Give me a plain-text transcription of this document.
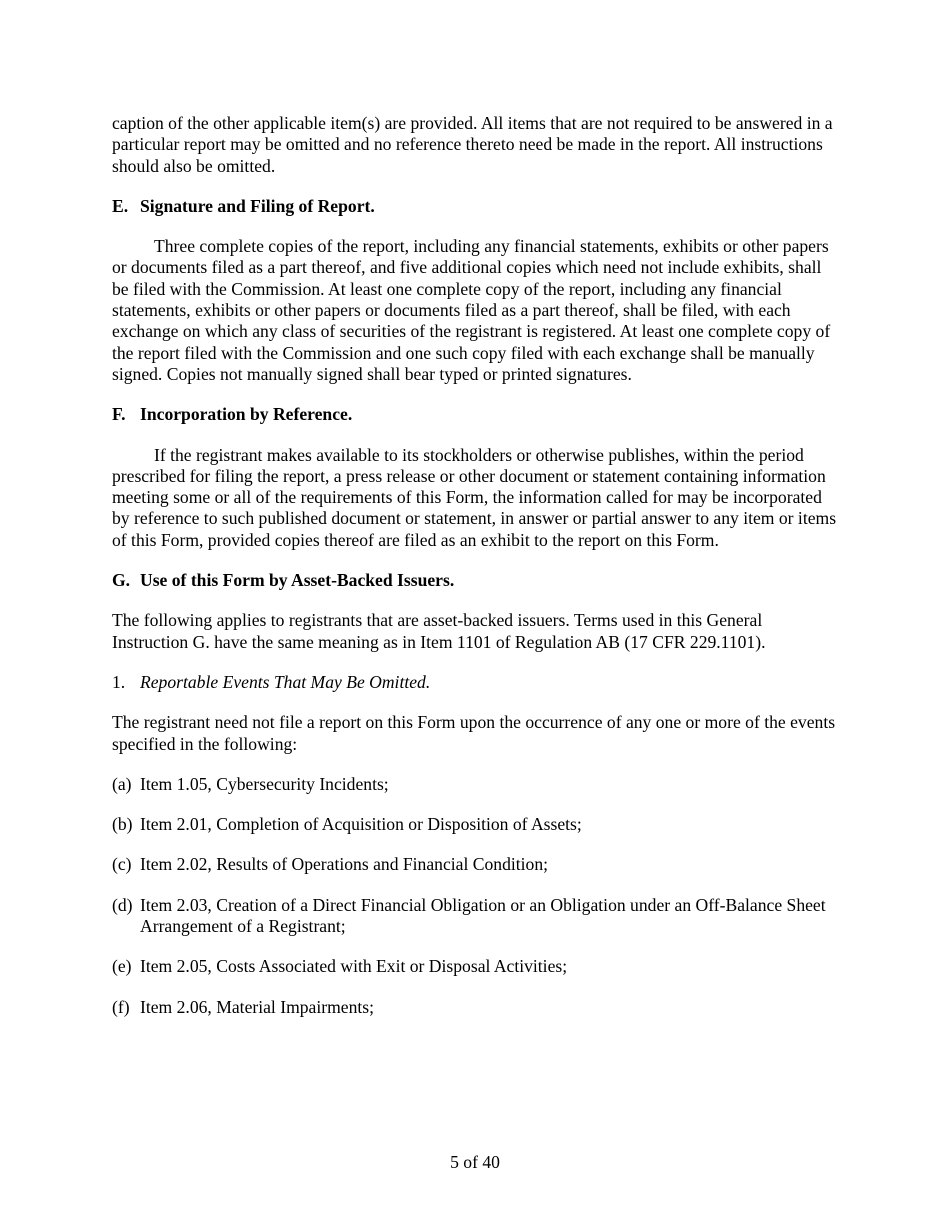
caption of the other applicable item(s) are provided. All items that are not required to be answered in a particular report may be omitted and no reference thereto need be made in the report. All instructions should also be omitted.

E. Signature and Filing of Report.

Three complete copies of the report, including any financial statements, exhibits or other papers or documents filed as a part thereof, and five additional copies which need not include exhibits, shall be filed with the Commission. At least one complete copy of the report, including any financial statements, exhibits or other papers or documents filed as a part thereof, shall be filed, with each exchange on which any class of securities of the registrant is registered. At least one complete copy of the report filed with the Commission and one such copy filed with each exchange shall be manually signed. Copies not manually signed shall bear typed or printed signatures.

F. Incorporation by Reference.

If the registrant makes available to its stockholders or otherwise publishes, within the period prescribed for filing the report, a press release or other document or statement containing information meeting some or all of the requirements of this Form, the information called for may be incorporated by reference to such published document or statement, in answer or partial answer to any item or items of this Form, provided copies thereof are filed as an exhibit to the report on this Form.

G. Use of this Form by Asset-Backed Issuers.

The following applies to registrants that are asset-backed issuers. Terms used in this General Instruction G. have the same meaning as in Item 1101 of Regulation AB (17 CFR 229.1101).

1. Reportable Events That May Be Omitted.

The registrant need not file a report on this Form upon the occurrence of any one or more of the events specified in the following:

(a) Item 1.05, Cybersecurity Incidents;
(b) Item 2.01, Completion of Acquisition or Disposition of Assets;
(c) Item 2.02, Results of Operations and Financial Condition;
(d) Item 2.03, Creation of a Direct Financial Obligation or an Obligation under an Off-Balance Sheet Arrangement of a Registrant;
(e) Item 2.05, Costs Associated with Exit or Disposal Activities;
(f) Item 2.06, Material Impairments;
5 of 40
